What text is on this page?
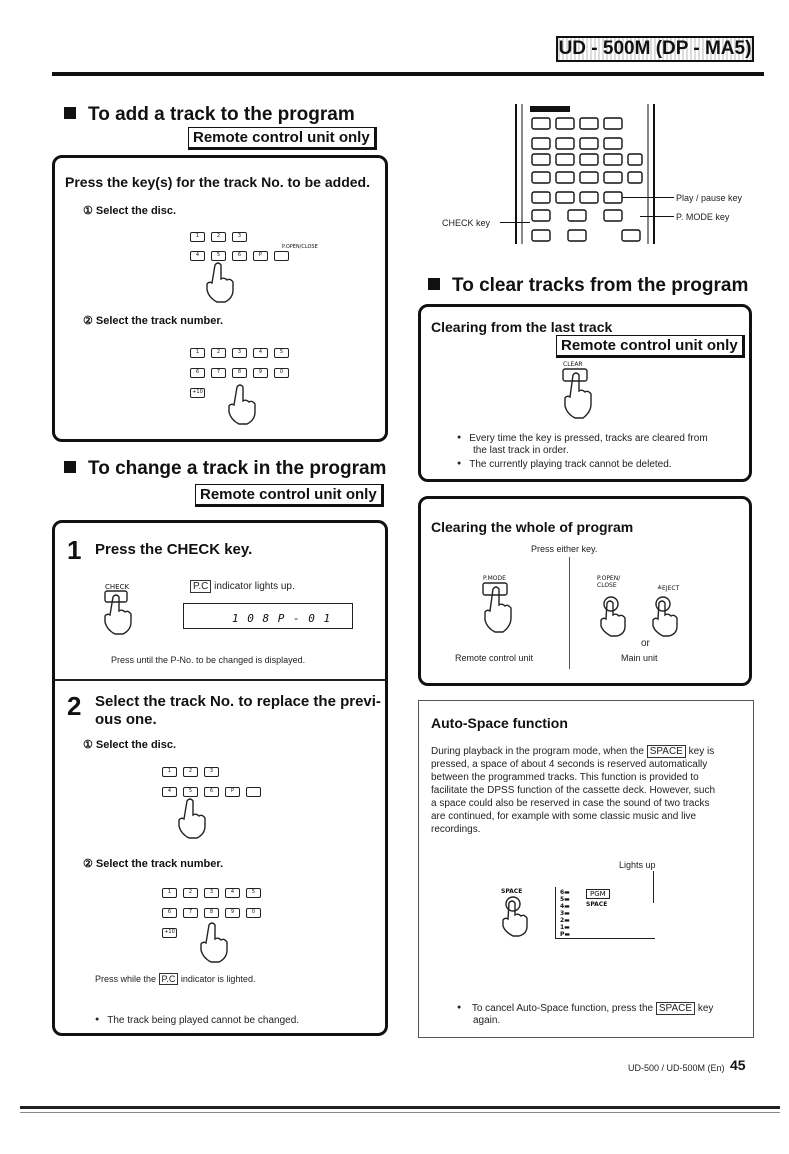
UD - 500M (DP - MA5)
To add a track to the program
Remote control unit only
Press the key(s) for the track No. to be added.
① Select the disc.
1	2	3
P.OPEN/CLOSE
4	5	6	P
② Select the track number.
1	2	3	4	5
6	7	8	9	0
+10
To change a track in the program
Remote control unit only
1 Press the CHECK key.
CHECK	P.C indicator lights up.
1 0 8 P - 0 1
Press until the P-No. to be changed is displayed.
2 Select the track No. to replace the previ-
ous one.
① Select the disc.
1	2	3
4	5	6	P
② Select the track number.
1	2	3	4	5
6	7	8	9	0
+10
Press while the P.C indicator is lighted.
● The track being played cannot be changed.
CHECK key
Play / pause key
P. MODE key
To clear tracks from the program
Clearing from the last track
Remote control unit only
CLEAR
● Every time the key is pressed, tracks are cleared from
the last track in order.
● The currently playing track cannot be deleted.
Clearing the whole of program
Press either key.
P.MODE	P.OPEN/ CLOSE	≜EJECT
or
Remote control unit	Main unit
Auto-Space function
During playback in the program mode, when the SPACE key is
pressed, a space of about 4 seconds is reserved automatically
between the programmed tracks. This function is provided to
facilitate the DPSS function of the cassette deck. However, such
a space could also be reserved in case the sound of two tracks
are continued, for example with some classic music and live
recordings.
Lights up
SPACE	6▬
5▬
4▬
3▬
2▬
1▬
P▬
PGM
SPACE
● To cancel Auto-Space function, press the SPACE key
again.
UD-500 / UD-500M (En) 45
